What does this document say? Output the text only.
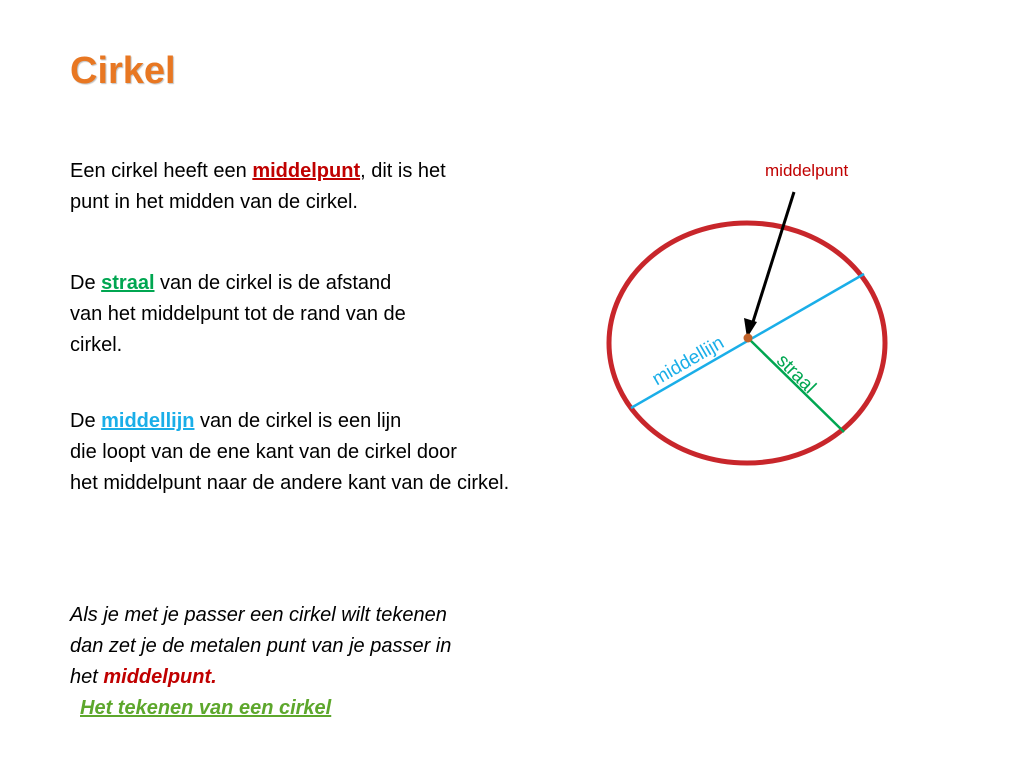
Cirkel

Een cirkel heeft een middelpunt, dit is het
punt in het midden van de cirkel.

De straal van de cirkel is de afstand
van het middelpunt tot de rand van de
cirkel.

De middellijn van de cirkel is een lijn
die loopt van de ene kant van de cirkel door
het middelpunt naar de andere kant van de cirkel.

Als je met je passer een cirkel wilt tekenen
dan zet je de metalen punt van je passer in
het middelpunt.

Het tekenen van een cirkel
middelpunt
middellijn straal
